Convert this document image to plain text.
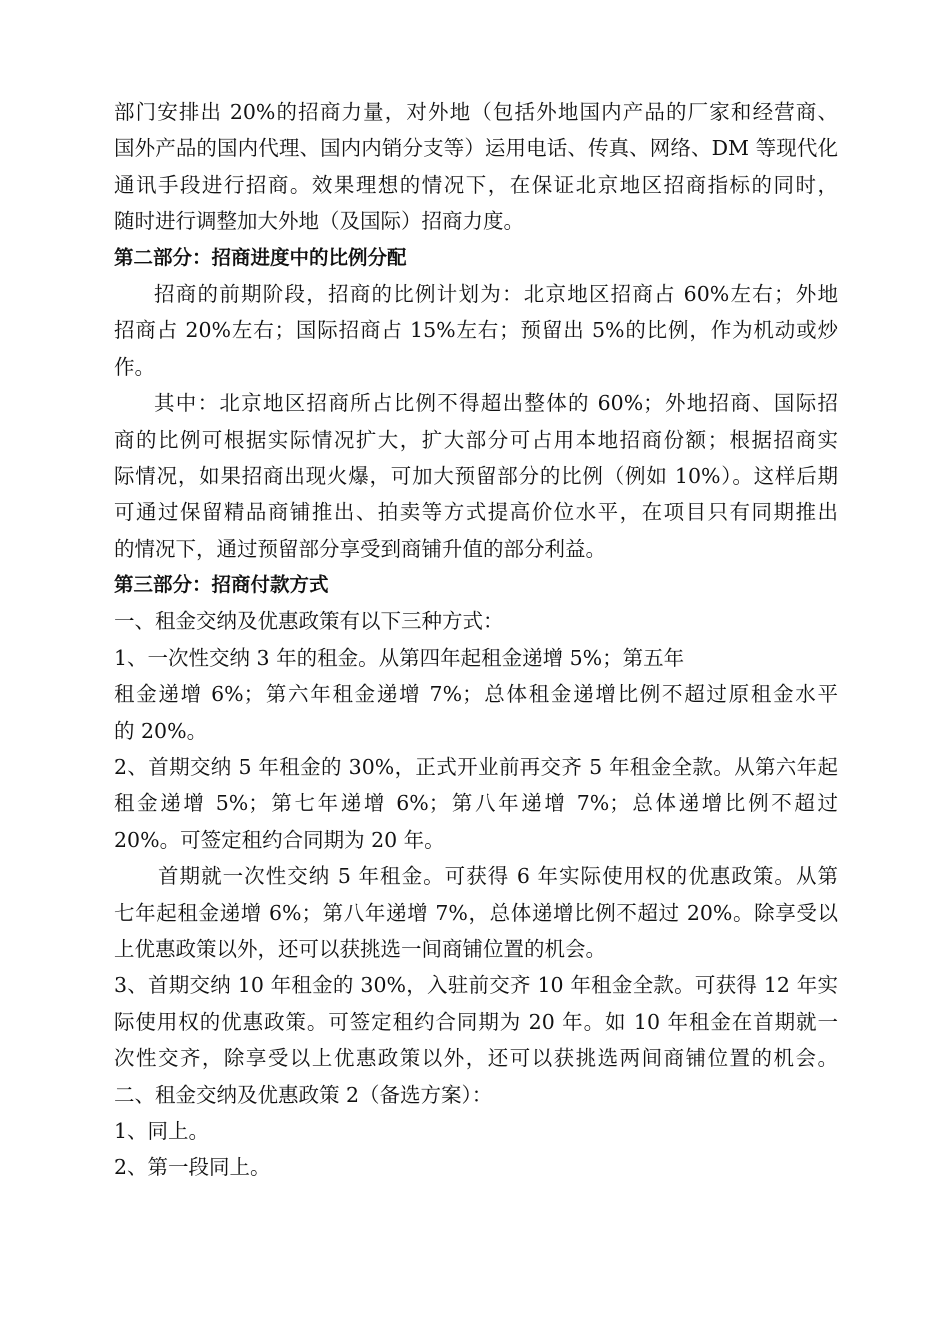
部门安排出 20%的招商力量，对外地（包括外地国内产品的厂家和经营商、
国外产品的国内代理、国内内销分支等）运用电话、传真、网络、DM 等现代化
通讯手段进行招商。效果理想的情况下，在保证北京地区招商指标的同时，
随时进行调整加大外地（及国际）招商力度。
第二部分：招商进度中的比例分配
招商的前期阶段，招商的比例计划为：北京地区招商占 60%左右；外地
招商占 20%左右；国际招商占 15%左右；预留出 5%的比例，作为机动或炒
作。
其中：北京地区招商所占比例不得超出整体的 60%；外地招商、国际招
商的比例可根据实际情况扩大，扩大部分可占用本地招商份额；根据招商实
际情况，如果招商出现火爆，可加大预留部分的比例（例如 10%）。这样后期
可通过保留精品商铺推出、拍卖等方式提高价位水平，在项目只有同期推出
的情况下，通过预留部分享受到商铺升值的部分利益。
第三部分：招商付款方式
一、租金交纳及优惠政策有以下三种方式：
1、一次性交纳 3 年的租金。从第四年起租金递增 5%；第五年
租金递增 6%；第六年租金递增 7%；总体租金递增比例不超过原租金水平
的 20%。
2、首期交纳 5 年租金的 30%，正式开业前再交齐 5 年租金全款。从第六年起
租金递增 5%；第七年递增 6%；第八年递增 7%；总体递增比例不超过
20%。可签定租约合同期为 20 年。
首期就一次性交纳 5 年租金。可获得 6 年实际使用权的优惠政策。从第
七年起租金递增 6%；第八年递增 7%，总体递增比例不超过 20%。除享受以
上优惠政策以外，还可以获挑选一间商铺位置的机会。
3、首期交纳 10 年租金的 30%，入驻前交齐 10 年租金全款。可获得 12 年实
际使用权的优惠政策。可签定租约合同期为 20 年。如 10 年租金在首期就一
次性交齐，除享受以上优惠政策以外，还可以获挑选两间商铺位置的机会。
二、租金交纳及优惠政策 2（备选方案）：
1、同上。
2、第一段同上。
